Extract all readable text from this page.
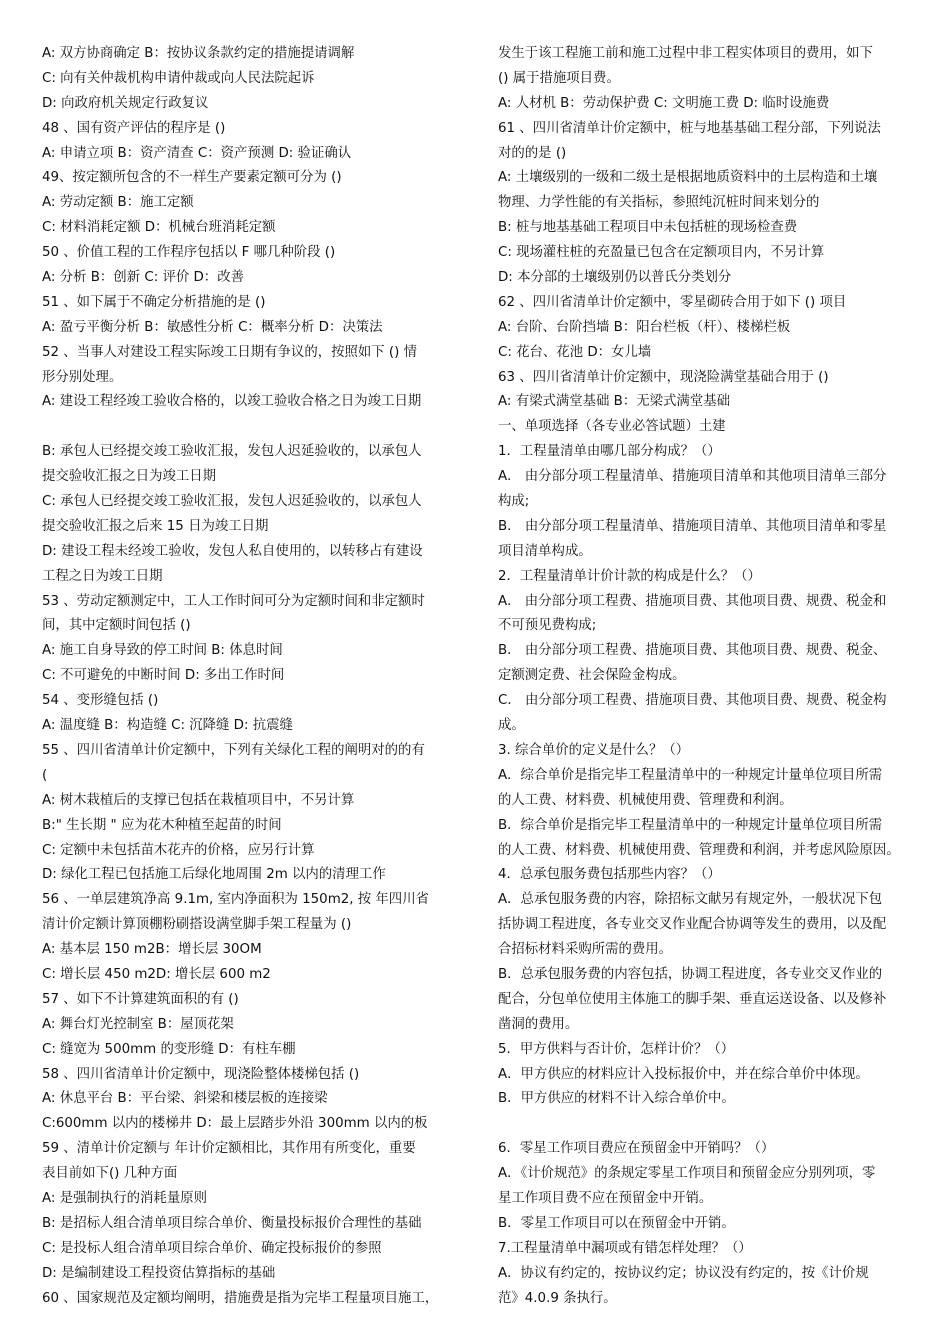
A: 双方协商确定 B：按协议条款约定的措施提请调解
C: 向有关仲裁机构申请仲裁或向人民法院起诉
D: 向政府机关规定行政复议
48 、国有资产评估的程序是 ()
A: 申请立项 B：资产清查 C：资产预测 D: 验证确认
49、按定额所包含的不一样生产要素定额可分为 ()
A: 劳动定额 B：施工定额
C: 材料消耗定额 D：机械台班消耗定额
50 、价值工程的工作程序包括以 F 哪几种阶段 ()
A: 分析 B：创新 C: 评价 D：改善
51 、如下属于不确定分析措施的是 ()
A: 盈亏平衡分析 B：敏感性分析 C：概率分析 D：决策法
52 、当事人对建设工程实际竣工日期有争议的，按照如下 () 情
形分别处理。
A: 建设工程经竣工验收合格的，以竣工验收合格之日为竣工日期
B: 承包人已经提交竣工验收汇报，发包人迟延验收的，以承包人
提交验收汇报之日为竣工日期
C: 承包人已经提交竣工验收汇报，发包人迟延验收的，以承包人
提交验收汇报之后来 15 日为竣工日期
D: 建设工程未经竣工验收，发包人私自使用的，以转移占有建设
工程之日为竣工日期
53 、劳动定额测定中，工人工作时间可分为定额时间和非定额时
间，其中定额时间包括 ()
A: 施工自身导致的停工时间 B: 体息时间
C: 不可避免的中断时间 D: 多出工作时间
54 、变形缝包括 ()
A: 温度缝 B：构造缝 C: 沉降缝 D: 抗震缝
55 、四川省清单计价定额中，下列有关绿化工程的阐明对的的有
(
A: 树木栽植后的支撑已包括在栽植项目中，不另计算
B:" 生长期 " 应为花木种植至起苗的时间
C: 定额中未包括苗木花卉的价格，应另行计算
D: 绿化工程已包括施工后绿化地周围 2m 以内的清理工作
56 、一单层建筑净高 9.1m, 室内净面积为 150m2, 按 年四川省
清计价定额计算顶棚粉刷搭设满堂脚手架工程量为 ()
A: 基本层 150 m2B：增长层 30OM
C: 增长层 450 m2D: 增长层 600 m2
57 、如下不计算建筑面积的有 ()
A: 舞台灯光控制室 B：屋顶花架
C: 缝宽为 500mm 的变形缝 D：有柱车棚
58 、四川省清单计价定额中，现浇险整体楼梯包括 ()
A: 休息平台 B：平台梁、斜梁和楼层板的连接梁
C:600mm 以内的楼梯井 D：最上层踏步外沿 300mm 以内的板
59 、清单计价定额与 年计价定额相比，其作用有所变化，重要
表目前如下() 几种方面
A: 是强制执行的消耗量原则
B: 是招标人组合清单项目综合单价、衡量投标报价合理性的基础
C: 是投标人组合清单项目综合单价、确定投标报价的参照
D: 是编制建设工程投资估算指标的基础
60 、国家规范及定额均阐明，措施费是指为完毕工程量项目施工，
发生于该工程施工前和施工过程中非工程实体项目的费用，如下
() 属于措施项目费。
A: 人材机 B：劳动保护费 C: 文明施工费 D: 临时设施费
61 、四川省清单计价定额中，桩与地基基础工程分部，下列说法
对的的是 ()
A: 土壤级别的一级和二级土是根据地质资料中的土层构造和土壤
物理、力学性能的有关指标，参照纯沉桩时间来划分的
B: 桩与地基基础工程项目中未包括桩的现场检查费
C: 现场灌柱桩的充盈量已包含在定额项目内，不另计算
D: 本分部的土壤级别仍以普氏分类划分
62 、四川省清单计价定额中，零星砌砖合用于如下 () 项目
A: 台阶、台阶挡墙 B：阳台栏板（杆）、楼梯栏板
C: 花台、花池 D：女儿墙
63 、四川省清单计价定额中，现浇险满堂基础合用于 ()
A: 有梁式满堂基础 B：无梁式满堂基础
一、单项选择（各专业必答试题）土建
1．工程量清单由哪几部分构成？（）
A． 由分部分项工程量清单、措施项目清单和其他项目清单三部分
构成;
B． 由分部分项工程量清单、措施项目清单、其他项目清单和零星
项目清单构成。
2．工程量清单计价计款的构成是什么？（）
A． 由分部分项工程费、措施项目费、其他项目费、规费、税金和
不可预见费构成;
B． 由分部分项工程费、措施项目费、其他项目费、规费、税金、
定额测定费、社会保险金构成。
C． 由分部分项工程费、措施项目费、其他项目费、规费、税金构
成。
3. 综合单价的定义是什么？（）
A．综合单价是指完毕工程量清单中的一种规定计量单位项目所需
的人工费、材料费、机械使用费、管理费和利润。
B．综合单价是指完毕工程量清单中的一种规定计量单位项目所需
的人工费、材料费、机械使用费、管理费和利润，并考虑风险原因。
4．总承包服务费包括那些内容？（）
A．总承包服务费的内容，除招标文献另有规定外，一般状况下包
括协调工程进度，各专业交叉作业配合协调等发生的费用，以及配
合招标材料采购所需的费用。
B．总承包服务费的内容包括，协调工程进度，各专业交叉作业的
配合，分包单位使用主体施工的脚手架、垂直运送设备、以及修补
凿洞的费用。
5．甲方供料与否计价，怎样计价？（）
A．甲方供应的材料应计入投标报价中，并在综合单价中体现。
B．甲方供应的材料不计入综合单价中。
6．零星工作项目费应在预留金中开销吗？（）
A．《计价规范》的条规定零星工作项目和预留金应分别列项，零
星工作项目费不应在预留金中开销。
B．零星工作项目可以在预留金中开销。
7.工程量清单中漏项或有错怎样处理？（）
A．协议有约定的，按协议约定；协议没有约定的，按《计价规
范》4.0.9 条执行。
